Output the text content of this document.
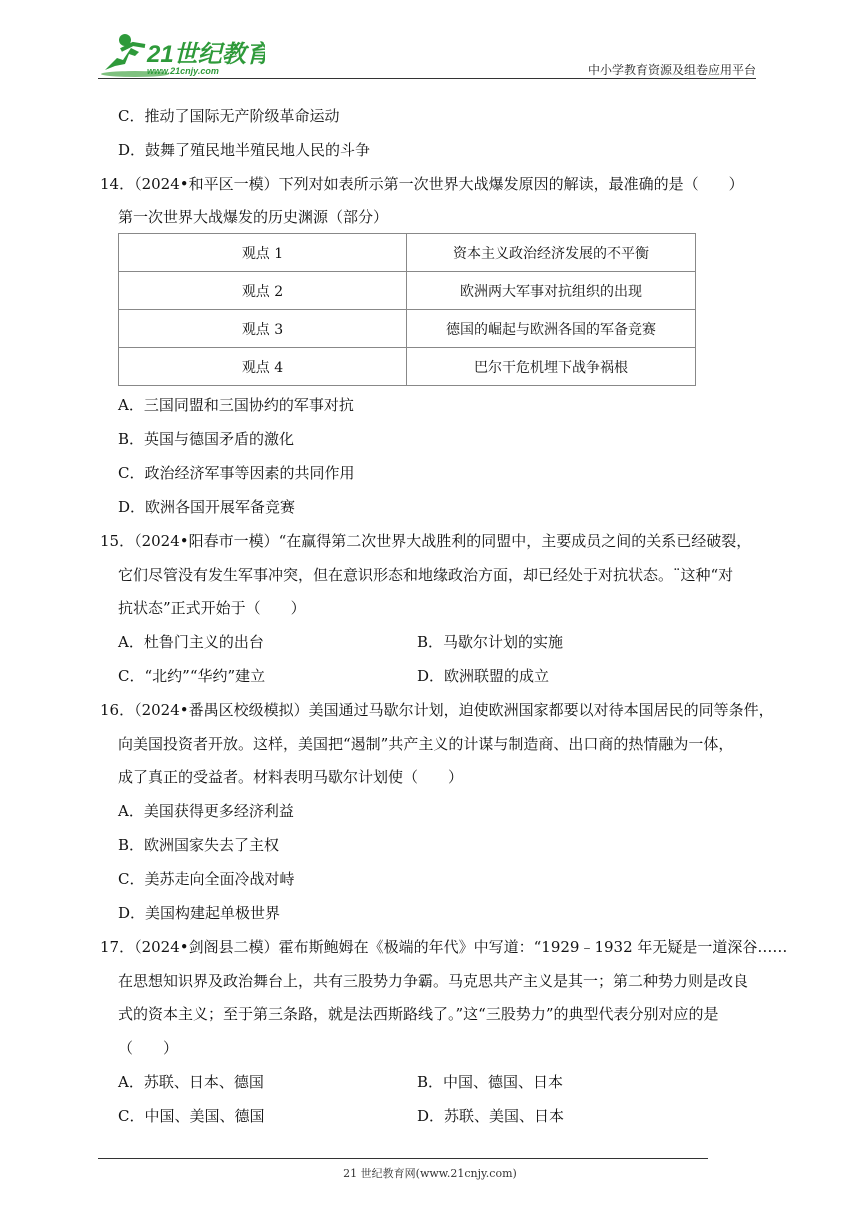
21世纪教育
www.21cnjy.com	中小学教育资源及组卷应用平台
C．推动了国际无产阶级革命运动
D．鼓舞了殖民地半殖民地人民的斗争
14．（2024•和平区一模）下列对如表所示第一次世界大战爆发原因的解读，最准确的是（　　）
第一次世界大战爆发的历史渊源（部分）
观点 1	资本主义政治经济发展的不平衡
观点 2	欧洲两大军事对抗组织的出现
观点 3	德国的崛起与欧洲各国的军备竞赛
观点 4	巴尔干危机埋下战争祸根
A．三国同盟和三国协约的军事对抗
B．英国与德国矛盾的激化
C．政治经济军事等因素的共同作用
D．欧洲各国开展军备竞赛
15．（2024•阳春市一模）“在赢得第二次世界大战胜利的同盟中，主要成员之间的关系已经破裂，
它们尽管没有发生军事冲突，但在意识形态和地缘政治方面，却已经处于对抗状态。¨这种“对
抗状态”正式开始于（　　）
A．杜鲁门主义的出台	B．马歇尔计划的实施
C．“北约”“华约”建立	D．欧洲联盟的成立
16．（2024•番禺区校级模拟）美国通过马歇尔计划，迫使欧洲国家都要以对待本国居民的同等条件，
向美国投资者开放。这样，美国把“遏制”共产主义的计谋与制造商、出口商的热情融为一体，
成了真正的受益者。材料表明马歇尔计划使（　　）
A．美国获得更多经济利益
B．欧洲国家失去了主权
C．美苏走向全面冷战对峙
D．美国构建起单极世界
17．（2024•剑阁县二模）霍布斯鲍姆在《极端的年代》中写道：“1929﹣1932 年无疑是一道深谷……
在思想知识界及政治舞台上，共有三股势力争霸。马克思共产主义是其一；第二种势力则是改良
式的资本主义；至于第三条路，就是法西斯路线了。”这“三股势力”的典型代表分别对应的是
（　　）
A．苏联、日本、德国	B．中国、德国、日本
C．中国、美国、德国	D．苏联、美国、日本
21 世纪教育网(www.21cnjy.com)
